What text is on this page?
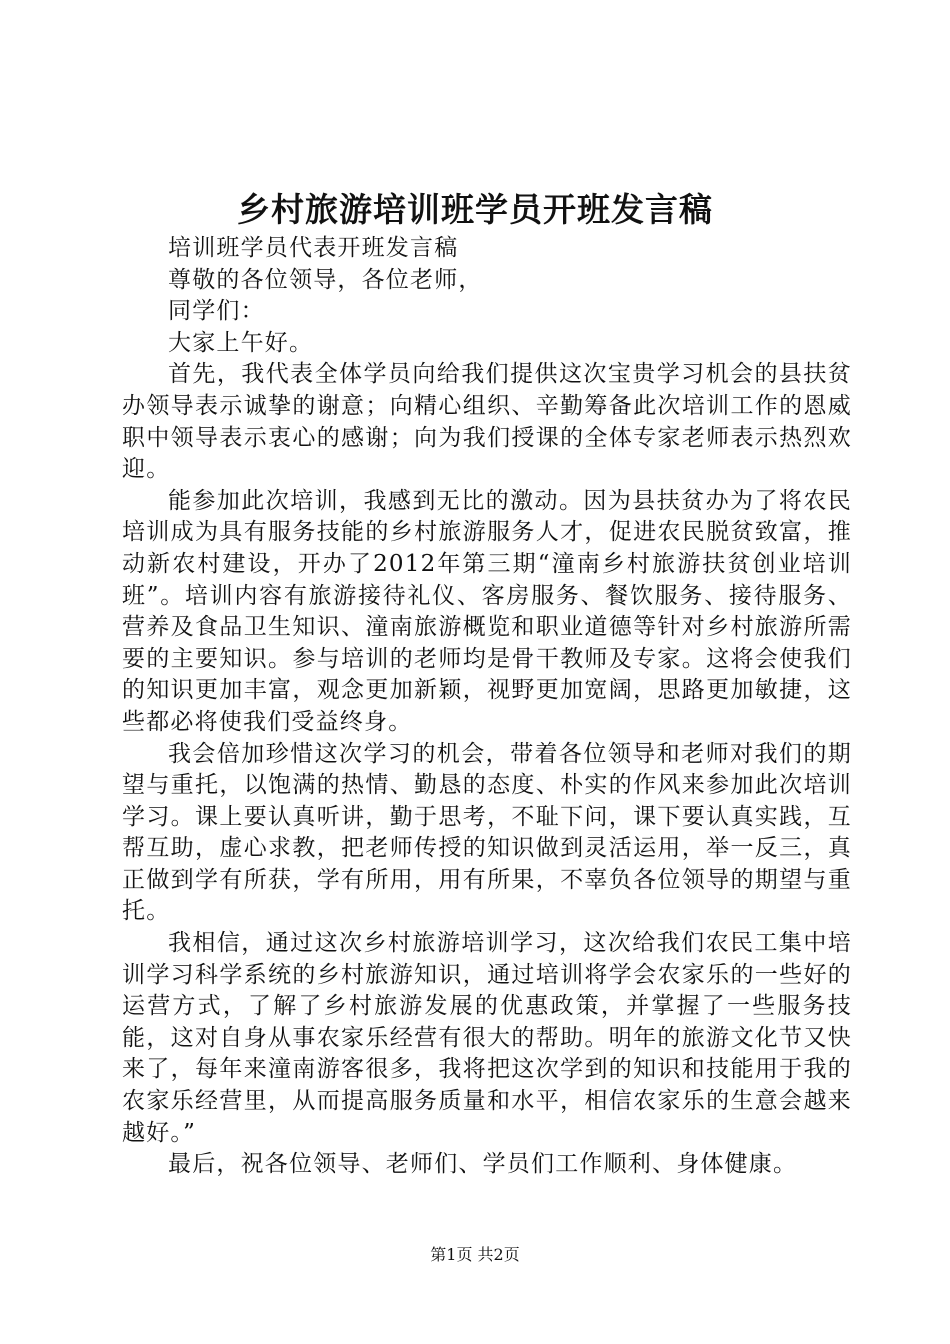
乡村旅游培训班学员开班发言稿

培训班学员代表开班发言稿

尊敬的各位领导，各位老师，

同学们：

大家上午好。

首先，我代表全体学员向给我们提供这次宝贵学习机会的县扶贫办领导表示诚挚的谢意；向精心组织、辛勤筹备此次培训工作的恩威职中领导表示衷心的感谢；向为我们授课的全体专家老师表示热烈欢迎。

能参加此次培训，我感到无比的激动。因为县扶贫办为了将农民培训成为具有服务技能的乡村旅游服务人才，促进农民脱贫致富，推动新农村建设，开办了2012年第三期“潼南乡村旅游扶贫创业培训班”。培训内容有旅游接待礼仪、客房服务、餐饮服务、接待服务、营养及食品卫生知识、潼南旅游概览和职业道德等针对乡村旅游所需要的主要知识。参与培训的老师均是骨干教师及专家。这将会使我们的知识更加丰富，观念更加新颖，视野更加宽阔，思路更加敏捷，这些都必将使我们受益终身。

我会倍加珍惜这次学习的机会，带着各位领导和老师对我们的期望与重托，以饱满的热情、勤恳的态度、朴实的作风来参加此次培训学习。课上要认真听讲，勤于思考，不耻下问，课下要认真实践，互帮互助，虚心求教，把老师传授的知识做到灵活运用，举一反三，真正做到学有所获，学有所用，用有所果，不辜负各位领导的期望与重托。

我相信，通过这次乡村旅游培训学习，这次给我们农民工集中培训学习科学系统的乡村旅游知识，通过培训将学会农家乐的一些好的运营方式，了解了乡村旅游发展的优惠政策，并掌握了一些服务技能，这对自身从事农家乐经营有很大的帮助。明年的旅游文化节又快来了，每年来潼南游客很多，我将把这次学到的知识和技能用于我的农家乐经营里，从而提高服务质量和水平，相信农家乐的生意会越来越好。”

最后，祝各位领导、老师们、学员们工作顺利、身体健康。

第1页 共2页
